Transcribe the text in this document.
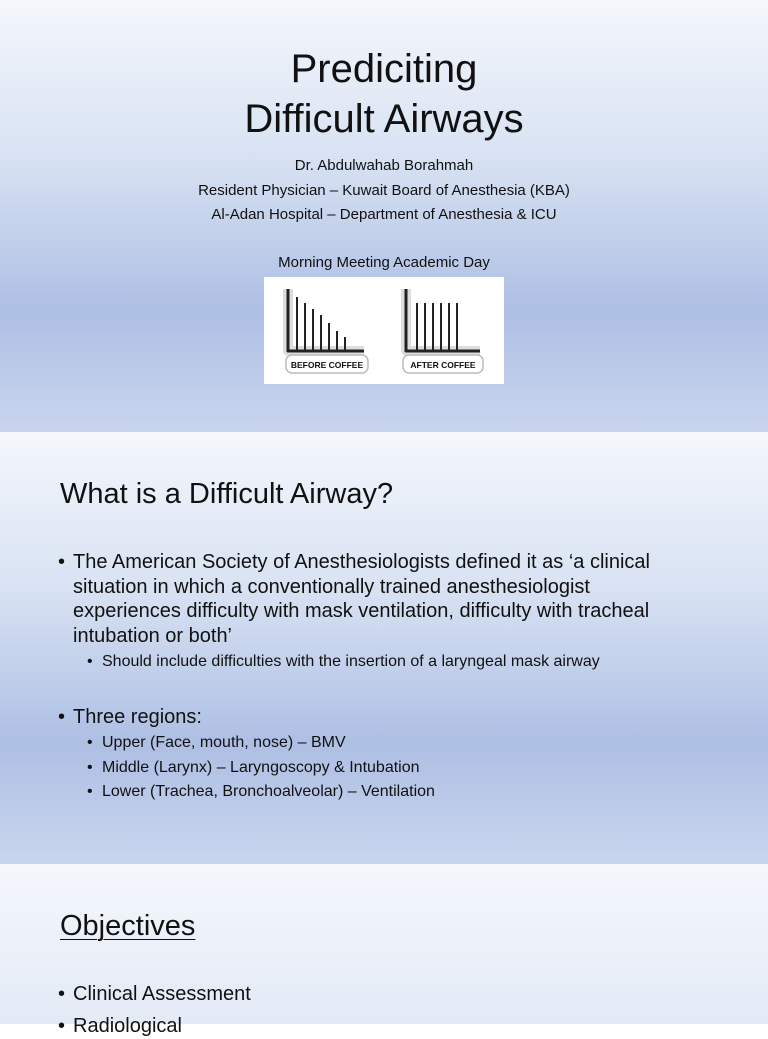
Prediciting
Difficult Airways
Dr. Abdulwahab Borahmah
Resident Physician – Kuwait Board of Anesthesia (KBA)
Al-Adan Hospital – Department of Anesthesia & ICU
Morning Meeting Academic Day
BEFORE COFFEE	AFTER COFFEE
What is a Difficult Airway?
• The American Society of Anesthesiologists defined it as ‘a clinical situation in which a conventionally trained anesthesiologist experiences difficulty with mask ventilation, difficulty with tracheal intubation or both’
• Should include difficulties with the insertion of a laryngeal mask airway
• Three regions:
• Upper (Face, mouth, nose) – BMV
• Middle (Larynx) – Laryngoscopy & Intubation
• Lower (Trachea, Bronchoalveolar) – Ventilation
Objectives
• Clinical Assessment
• Radiological
